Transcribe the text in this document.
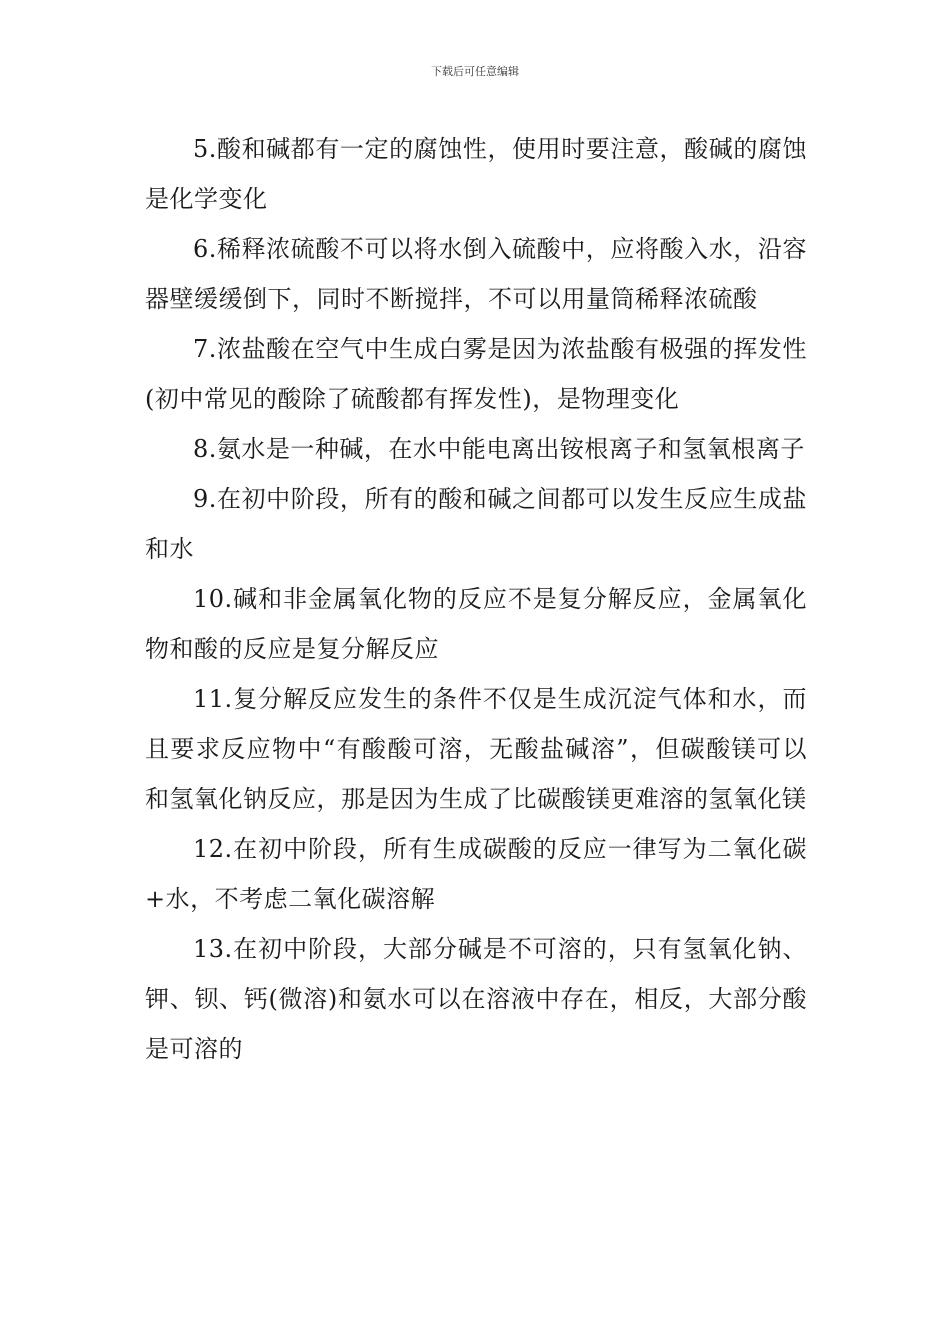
下载后可任意编辑

5.酸和碱都有一定的腐蚀性，使用时要注意，酸碱的腐蚀是化学变化

6.稀释浓硫酸不可以将水倒入硫酸中，应将酸入水，沿容器壁缓缓倒下，同时不断搅拌，不可以用量筒稀释浓硫酸

7.浓盐酸在空气中生成白雾是因为浓盐酸有极强的挥发性(初中常见的酸除了硫酸都有挥发性)，是物理变化

8.氨水是一种碱，在水中能电离出铵根离子和氢氧根离子

9.在初中阶段，所有的酸和碱之间都可以发生反应生成盐和水

10.碱和非金属氧化物的反应不是复分解反应，金属氧化物和酸的反应是复分解反应

11.复分解反应发生的条件不仅是生成沉淀气体和水，而且要求反应物中“有酸酸可溶，无酸盐碱溶”，但碳酸镁可以和氢氧化钠反应，那是因为生成了比碳酸镁更难溶的氢氧化镁

12.在初中阶段，所有生成碳酸的反应一律写为二氧化碳+水，不考虑二氧化碳溶解

13.在初中阶段，大部分碱是不可溶的，只有氢氧化钠、钾、钡、钙(微溶)和氨水可以在溶液中存在，相反，大部分酸是可溶的
